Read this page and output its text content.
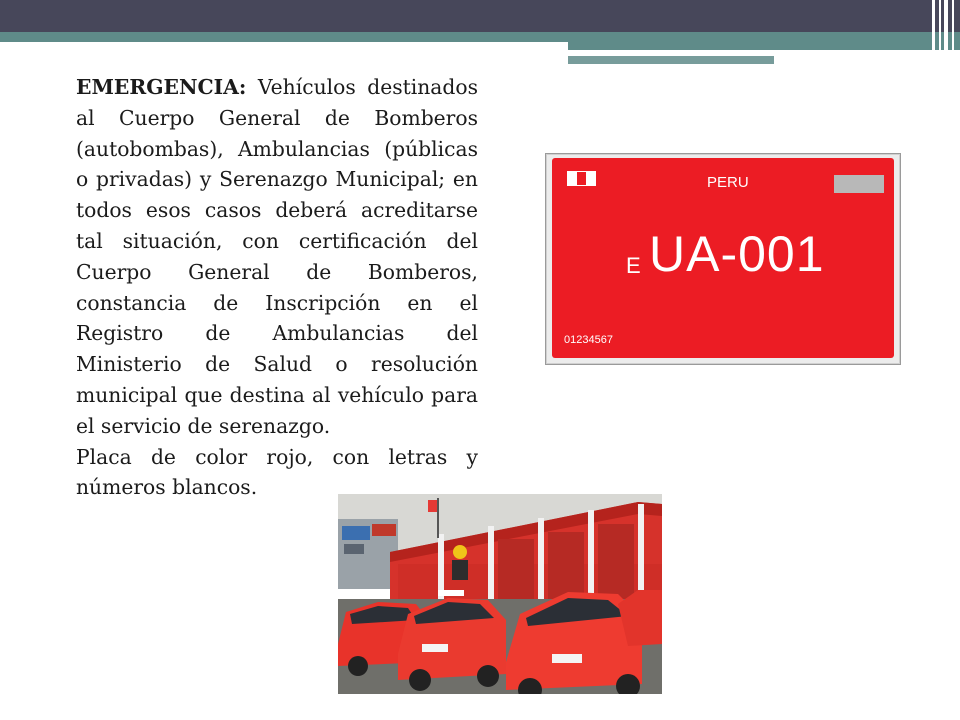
EMERGENCIA: Vehículos destinados al Cuerpo General de Bomberos (autobombas), Ambulancias (públicas o privadas) y Serenazgo Municipal; en todos esos casos deberá acreditarse tal situación, con certificación del Cuerpo General de Bomberos, constancia de Inscripción en el Registro de Ambulancias del Ministerio de Salud o resolución municipal que destina al vehículo para el servicio de serenazgo.

Placa de color rojo, con letras y números blancos.

PERU
E UA-001
01234567
